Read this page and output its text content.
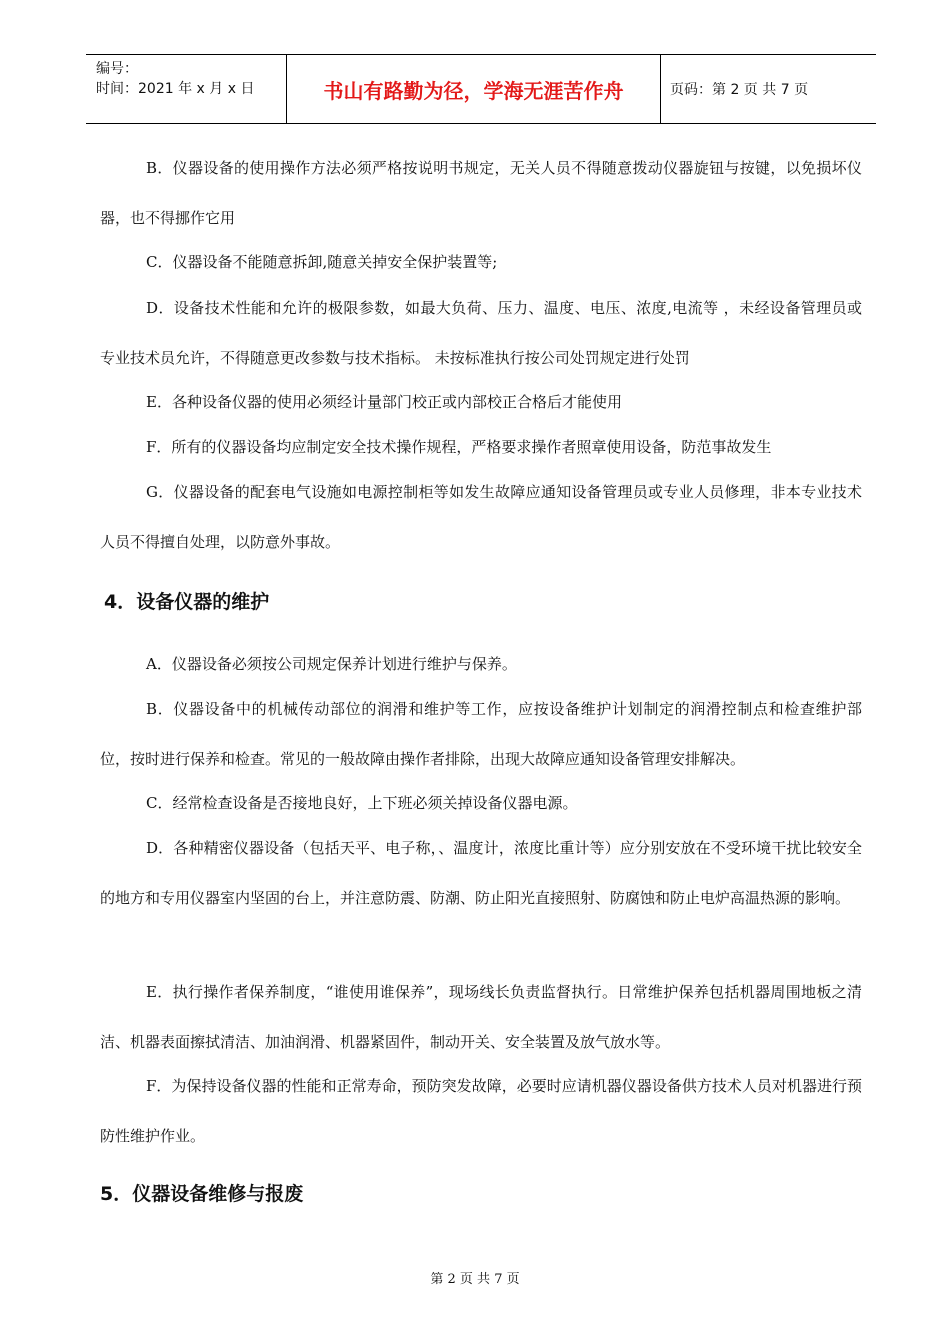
编号：
时间：2021 年 x 月 x 日	书山有路勤为径，学海无涯苦作舟	页码：第 2 页 共 7 页

B．仪器设备的使用操作方法必须严格按说明书规定，无关人员不得随意拨动仪器旋钮与按键，以免损坏仪器，也不得挪作它用

C．仪器设备不能随意拆卸,随意关掉安全保护装置等;

D．设备技术性能和允许的极限参数，如最大负荷、压力、温度、电压、浓度,电流等 ，未经设备管理员或 专业技术员允许，不得随意更改参数与技术指标。 未按标准执行按公司处罚规定进行处罚

E．各种设备仪器的使用必须经计量部门校正或内部校正合格后才能使用

F．所有的仪器设备均应制定安全技术操作规程，严格要求操作者照章使用设备，防范事故发生

G．仪器设备的配套电气设施如电源控制柜等如发生故障应通知设备管理员或专业人员修理，非本专业技术人员不得擅自处理，以防意外事故。

4．设备仪器的维护

A．仪器设备必须按公司规定保养计划进行维护与保养。

B．仪器设备中的机械传动部位的润滑和维护等工作，应按设备维护计划制定的润滑控制点和检查维护部位，按时进行保养和检查。常见的一般故障由操作者排除，出现大故障应通知设备管理安排解决。

C．经常检查设备是否接地良好，上下班必须关掉设备仪器电源。

D．各种精密仪器设备（包括天平、电子称，、温度计，浓度比重计等）应分别安放在不受环境干扰比较安全的地方和专用仪器室内坚固的台上，并注意防震、防潮、防止阳光直接照射、防腐蚀和防止电炉高温热源的影响。

E．执行操作者保养制度，“谁使用谁保养”，现场线长负责监督执行。日常维护保养包括机器周围地板之清洁、机器表面擦拭清洁、加油润滑、机器紧固件，制动开关、安全装置及放气放水等。

F．为保持设备仪器的性能和正常寿命，预防突发故障，必要时应请机器仪器设备供方技术人员对机器进行预防性维护作业。

5．仪器设备维修与报废
第 2 页 共 7 页
